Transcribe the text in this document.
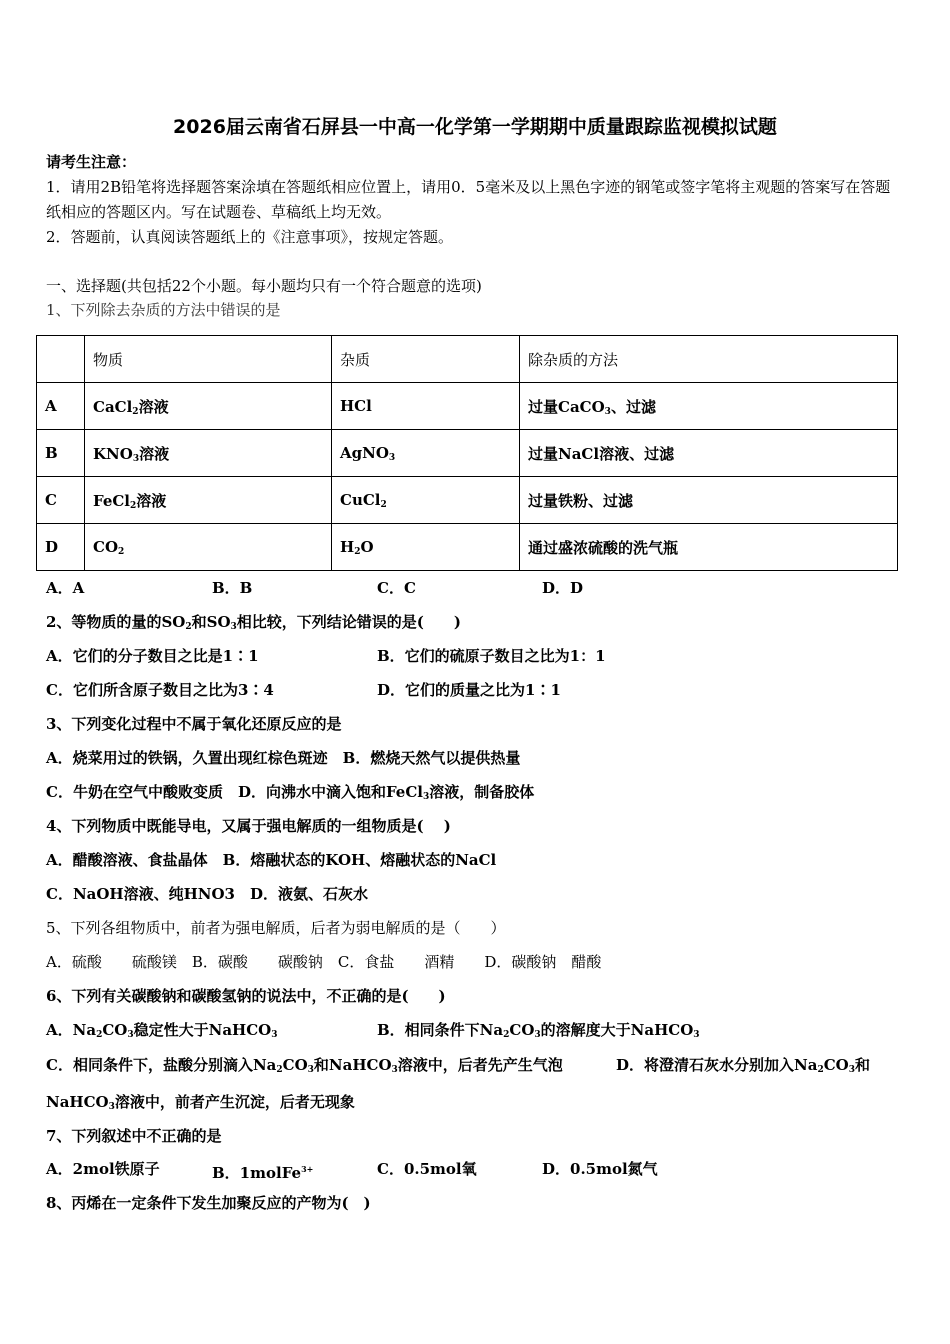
2026届云南省石屏县一中高一化学第一学期期中质量跟踪监视模拟试题
请考生注意：
1．请用2B铅笔将选择题答案涂填在答题纸相应位置上，请用0．5毫米及以上黑色字迹的钢笔或签字笔将主观题的答案写在答题纸相应的答题区内。写在试题卷、草稿纸上均无效。
2．答题前，认真阅读答题纸上的《注意事项》，按规定答题。
一、选择题(共包括22个小题。每小题均只有一个符合题意的选项)
1、下列除去杂质的方法中错误的是
	物质	杂质	除杂质的方法
A	CaCl$_2$溶液	HCl	过量CaCO$_3$、过滤
B	$KNO_3$溶液	AgNO$_3$	过量NaCl溶液、过滤
C	FeCl$_2$溶液	CuCl$_2$	过量铁粉、过滤
D	$CO_2$	$H_2O$	通过盛浓硫酸的洗气瓶
A．A	B．B	C．C	D．D
2、等物质的量的$SO_2$和$SO_3$相比较，下列结论错误的是(　　)
A．它们的分子数目之比是1∶1	B．它们的硫原子数目之比为1：1
C．它们所含原子数目之比为3∶4	D．它们的质量之比为1∶1
3、下列变化过程中不属于氧化还原反应的是
A．烧菜用过的铁锅，久置出现红棕色斑迹　B．燃烧天然气以提供热量
C．牛奶在空气中酸败变质　D．向沸水中滴入饱和FeCl$_3$溶液，制备胶体
4、下列物质中既能导电，又属于强电解质的一组物质是(　 )
A．醋酸溶液、食盐晶体　B．熔融状态的KOH、熔融状态的NaCl
C．NaOH溶液、纯HNO3　D．液氨、石灰水
5、下列各组物质中，前者为强电解质，后者为弱电解质的是（　　）
A．硫酸　　硫酸镁　B．碳酸　　碳酸钠　C．食盐　　酒精　　D．碳酸钠　醋酸
6、下列有关碳酸钠和碳酸氢钠的说法中，不正确的是(　　)
A．$Na_2CO_3$稳定性大于NaHCO$_3$	B．相同条件下$Na_2CO_3$的溶解度大于NaHCO$_3$
C．相同条件下，盐酸分别滴入$Na_2CO_3$和NaHCO$_3$溶液中，后者先产生气泡	D．将澄清石灰水分别加入$Na_2CO_3$和
NaHCO$_3$溶液中，前者产生沉淀，后者无现象
7、下列叙述中不正确的是
A．2mol铁原子	B．1molFe$^{3+}$	C．0.5mol氧	D．0.5mol氮气
8、丙烯在一定条件下发生加聚反应的产物为(　)
